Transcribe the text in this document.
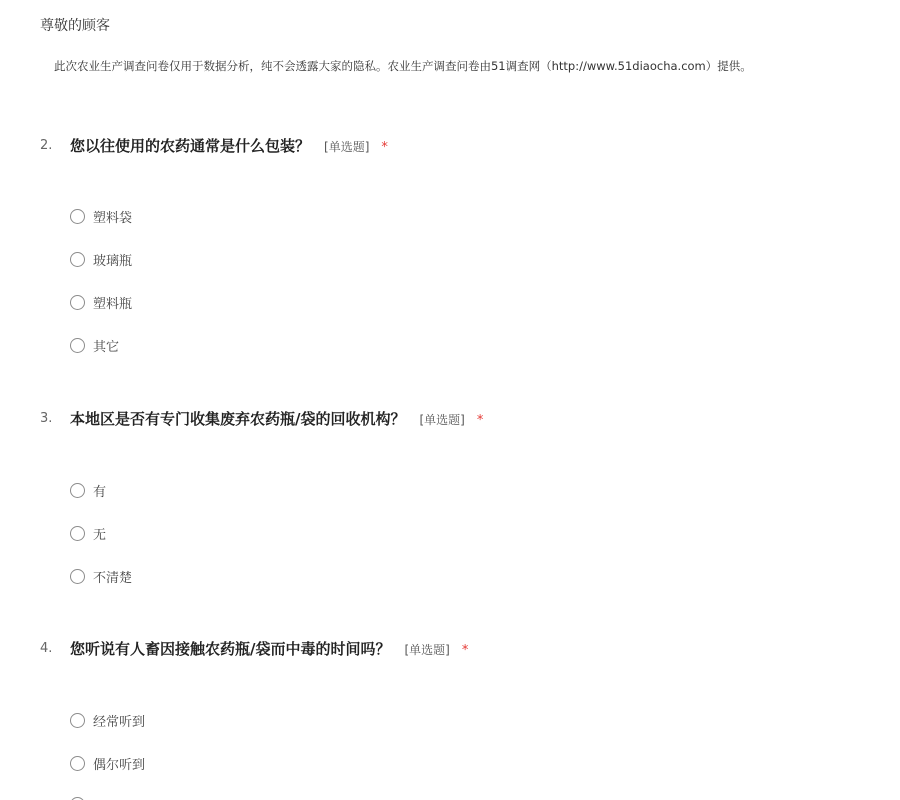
尊敬的顾客
此次农业生产调查问卷仅用于数据分析，纯不会透露大家的隐私。农业生产调查问卷由51调查网（http://www.51diaocha.com）提供。
2. 您以往使用的农药通常是什么包装？ [单选题] *
塑料袋
玻璃瓶
塑料瓶
其它
3. 本地区是否有专门收集废弃农药瓶/袋的回收机构？ [单选题] *
有
无
不清楚
4. 您听说有人畜因接触农药瓶/袋而中毒的时间吗？ [单选题] *
经常听到
偶尔听到
